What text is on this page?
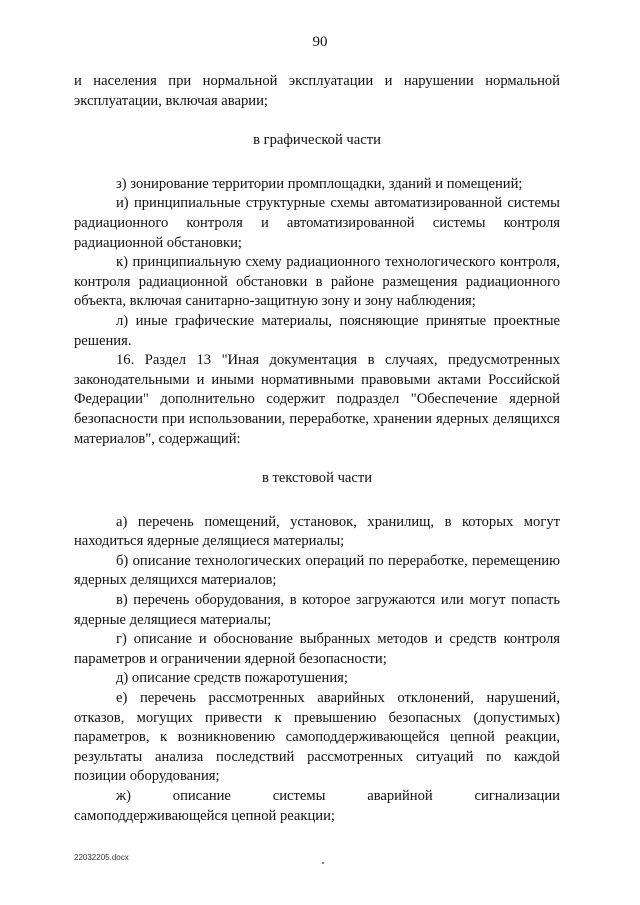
90

и населения при нормальной эксплуатации и нарушении нормальной эксплуатации, включая аварии;

в графической части

з) зонирование территории промплощадки, зданий и помещений;

и) принципиальные структурные схемы автоматизированной системы радиационного контроля и автоматизированной системы контроля радиационной обстановки;

к) принципиальную схему радиационного технологического контроля, контроля радиационной обстановки в районе размещения радиационного объекта, включая санитарно-защитную зону и зону наблюдения;

л) иные графические материалы, поясняющие принятые проектные решения.

16. Раздел 13 "Иная документация в случаях, предусмотренных законодательными и иными нормативными правовыми актами Российской Федерации" дополнительно содержит подраздел "Обеспечение ядерной безопасности при использовании, переработке, хранении ядерных делящихся материалов", содержащий:

в текстовой части

а) перечень помещений, установок, хранилищ, в которых могут находиться ядерные делящиеся материалы;

б) описание технологических операций по переработке, перемещению ядерных делящихся материалов;

в) перечень оборудования, в которое загружаются или могут попасть ядерные делящиеся материалы;

г) описание и обоснование выбранных методов и средств контроля параметров и ограничении ядерной безопасности;

д) описание средств пожаротушения;

е) перечень рассмотренных аварийных отклонений, нарушений, отказов, могущих привести к превышению безопасных (допустимых) параметров, к возникновению самоподдерживающейся цепной реакции, результаты анализа последствий рассмотренных ситуаций по каждой позиции оборудования;

ж) описание системы аварийной сигнализации самоподдерживающейся цепной реакции;

22032205.docx
